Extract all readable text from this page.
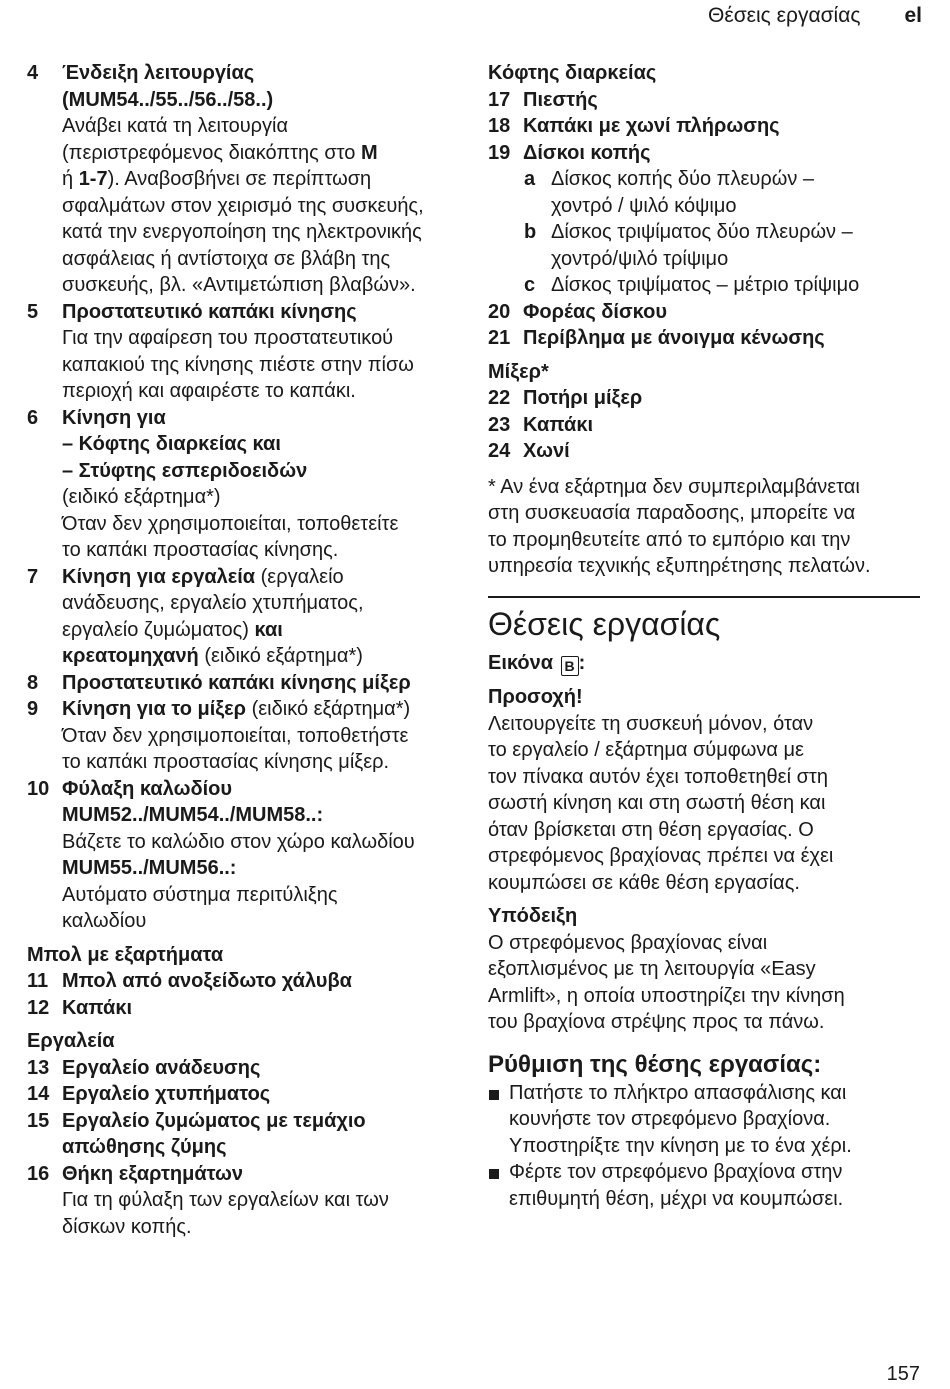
Θέσεις εργασίας el
4	Ένδειξη λειτουργίας
(MUM54../55../56../58..)
Ανάβει κατά τη λειτουργία
(περιστρεφόμενος διακόπτης στο M
ή 1-7). Αναβοσβήνει σε περίπτωση
σφαλμάτων στον χειρισμό της συσκευής,
κατά την ενεργοποίηση της ηλεκτρονικής
ασφάλειας ή αντίστοιχα σε βλάβη της
συσκευής, βλ. «Αντιμετώπιση βλαβών».
5	Προστατευτικό καπάκι κίνησης
Για την αφαίρεση του προστατευτικού
καπακιού της κίνησης πιέστε στην πίσω
περιοχή και αφαιρέστε το καπάκι.
6	Κίνηση για
– Κόφτης διαρκείας και
– Στύφτης εσπεριδοειδών
(ειδικό εξάρτημα*)
Όταν δεν χρησιμοποιείται, τοποθετείτε
το καπάκι προστασίας κίνησης.
7	Κίνηση για εργαλεία (εργαλείο
ανάδευσης, εργαλείο χτυπήματος,
εργαλείο ζυμώματος) και
κρεατομηχανή (ειδικό εξάρτημα*)
8	Προστατευτικό καπάκι κίνησης μίξερ
9	Κίνηση για το μίξερ (ειδικό εξάρτημα*)
Όταν δεν χρησιμοποιείται, τοποθετήστε
το καπάκι προστασίας κίνησης μίξερ.
10 Φύλαξη καλωδίου
MUM52../MUM54../MUM58..:
Βάζετε το καλώδιο στον χώρο καλωδίου
MUM55../MUM56..:
Αυτόματο σύστημα περιτύλιξης
καλωδίου
Μπολ με εξαρτήματα
11 Μπολ από ανοξείδωτο χάλυβα
12 Καπάκι
Εργαλεία
13 Εργαλείο ανάδευσης
14 Εργαλείο χτυπήματος
15 Εργαλείο ζυμώματος με τεμάχιο
απώθησης ζύμης
16 Θήκη εξαρτημάτων
Για τη φύλαξη των εργαλείων και των
δίσκων κοπής.
Κόφτης διαρκείας
17 Πιεστής
18 Καπάκι με χωνί πλήρωσης
19 Δίσκοι κοπής
a Δίσκος κοπής δύο πλευρών –
χοντρό / ψιλό κόψιμο
b Δίσκος τριψίματος δύο πλευρών –
χοντρό/ψιλό τρίψιμο
c Δίσκος τριψίματος – μέτριο τρίψιμο
20 Φορέας δίσκου
21 Περίβλημα με άνοιγμα κένωσης
Μίξερ*
22 Ποτήρι μίξερ
23 Καπάκι
24 Χωνί
* Αν ένα εξάρτημα δεν συμπεριλαμβάνεται
στη συσκευασία παραδοσης, μπορείτε να
το προμηθευτείτε από το εμπόριο και την
υπηρεσία τεχνικής εξυπηρέτησης πελατών.
Θέσεις εργασίας
Εικόνα B :
Προσοχή!
Λειτουργείτε τη συσκευή μόνον, όταν
το εργαλείο / εξάρτημα σύμφωνα με
τον πίνακα αυτόν έχει τοποθετηθεί στη
σωστή κίνηση και στη σωστή θέση και
όταν βρίσκεται στη θέση εργασίας. Ο
στρεφόμενος βραχίονας πρέπει να έχει
κουμπώσει σε κάθε θέση εργασίας.
Υπόδειξη
Ο στρεφόμενος βραχίονας είναι
εξοπλισμένος με τη λειτουργία «Easy
Armlift», η οποία υποστηρίζει την κίνηση
του βραχίονα στρέψης προς τα πάνω.
Ρύθμιση της θέσης εργασίας:
Πατήστε το πλήκτρο απασφάλισης και
κουνήστε τον στρεφόμενο βραχίονα.
Υποστηρίξτε την κίνηση με το ένα χέρι.
Φέρτε τον στρεφόμενο βραχίονα στην
επιθυμητή θέση, μέχρι να κουμπώσει.
157
